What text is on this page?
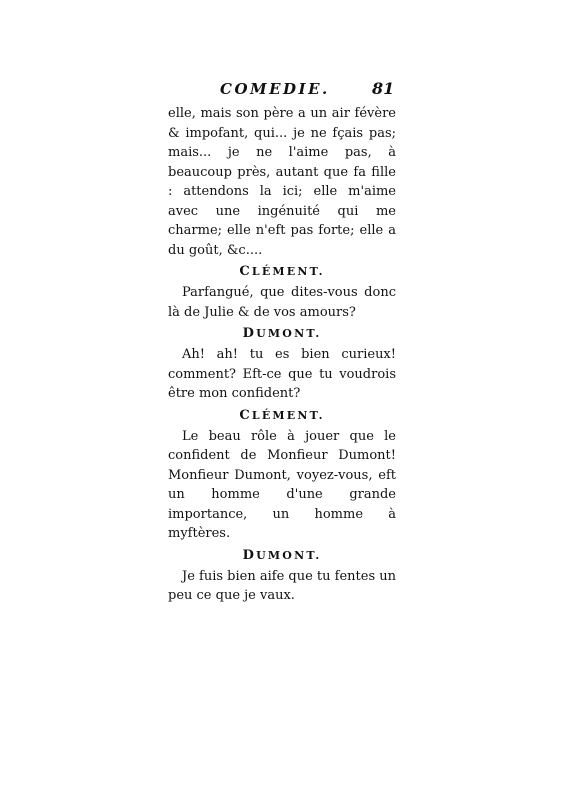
COMEDIE.	81

elle, mais son père a un air févère & impofant, qui... je ne fçais pas; mais... je ne l'aime pas, à beaucoup près, autant que fa fille : attendons la ici; elle m'aime avec une ingénuité qui me charme; elle n'eft pas forte; elle a du goût, &c....

CLÉMENT.

Parfangué, que dites-vous donc là de Julie & de vos amours?

DUMONT.

Ah! ah! tu es bien curieux! comment? Eft-ce que tu voudrois être mon confident?

CLÉMENT.

Le beau rôle à jouer que le confident de Monfieur Dumont! Monfieur Dumont, voyez-vous, eft un homme d'une grande importance, un homme à myftères.

DUMONT.

Je fuis bien aife que tu fentes un peu ce que je vaux.
